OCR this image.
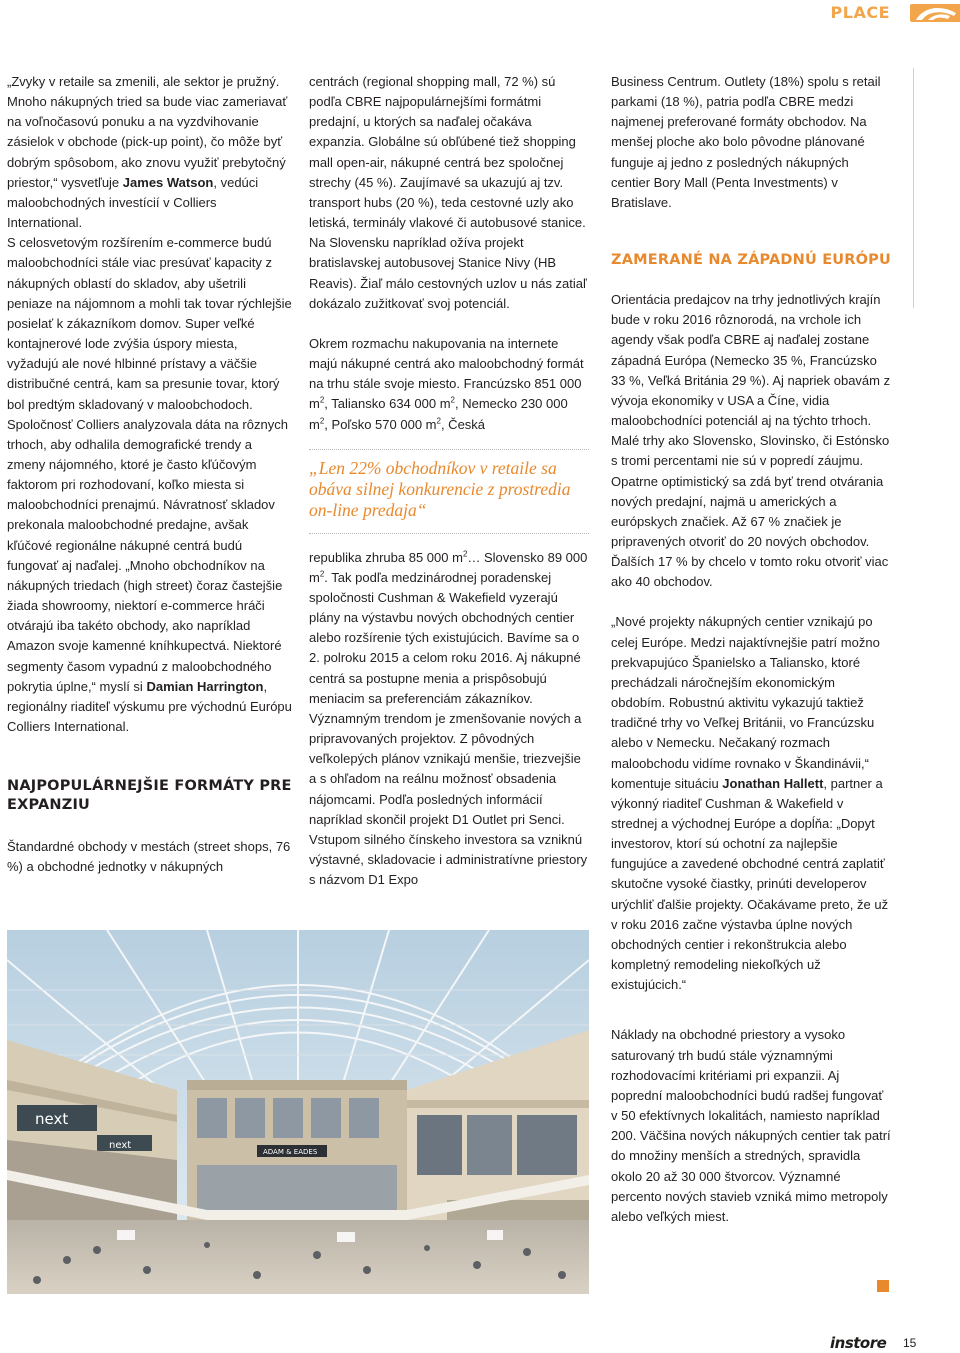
PLACE

„Zvyky v retaile sa zmenili, ale sektor je pružný. Mnoho nákupných tried sa bude viac zameriavať na voľnočasovú ponuku a na vyzdvihovanie zásielok v obchode (pick-up point), čo môže byť dobrým spôsobom, ako znovu využiť prebytočný priestor,“ vysvetľuje James Watson, vedúci maloobchodných investícií v Colliers International.

S celosvetovým rozšírením e-commerce budú maloobchodníci stále viac presúvať kapacity z nákupných oblastí do skladov, aby ušetrili peniaze na nájomnom a mohli tak tovar rýchlejšie posielať k zákazníkom domov. Super veľké kontajnerové lode zvýšia úspory miesta, vyžadujú ale nové hlbinné prístavy a väčšie distribučné centrá, kam sa presunie tovar, ktorý bol predtým skladovaný v maloobchodoch. Spoločnosť Colliers analyzovala dáta na rôznych trhoch, aby odhalila demografické trendy a zmeny nájomného, ktoré je často kľúčovým faktorom pri rozhodovaní, koľko miesta si maloobchodníci prenajmú. Návratnosť skladov prekonala maloobchodné predajne, avšak kľúčové regionálne nákupné centrá budú fungovať aj naďalej. „Mnoho obchodníkov na nákupných triedach (high street) čoraz častejšie žiada showroomy, niektorí e-commerce hráči otvárajú iba takéto obchody, ako napríklad Amazon svoje kamenné kníhkupectvá. Niektoré segmenty časom vypadnú z maloobchodného pokrytia úplne,“ myslí si Damian Harrington, regionálny riaditeľ výskumu pre východnú Európu Colliers International.

NAJPOPULÁRNEJŠIE FORMÁTY PRE EXPANZIU

Štandardné obchody v mestách (street shops, 76 %) a obchodné jednotky v nákupných

centrách (regional shopping mall, 72 %) sú podľa CBRE najpopulárnejšími formátmi predajní, u ktorých sa naďalej očakáva expanzia. Globálne sú obľúbené tiež shopping mall open-air, nákupné centrá bez spoločnej strechy (45 %). Zaujímavé sa ukazujú aj tzv. transport hubs (20 %), teda cestovné uzly ako letiská, terminály vlakové či autobusové stanice. Na Slovensku napríklad ožíva projekt bratislavskej autobusovej Stanice Nivy (HB Reavis). Žiaľ málo cestovných uzlov u nás zatiaľ dokázalo zužitkovať svoj potenciál.

Okrem rozmachu nakupovania na internete majú nákupné centrá ako maloobchodný formát na trhu stále svoje miesto. Francúzsko 851 000 $m^2$, Taliansko 634 000 $m^2$, Nemecko 230 000 $m^2$, Poľsko 570 000 $m^2$, Česká

„Len 22% obchodníkov v retaile sa obáva silnej konkurencie z prostredia on-line predaja“

republika zhruba 85 000 $m^2\dots$ Slovensko 89 000 $m^2$. Tak podľa medzinárodnej poradenskej spoločnosti Cushman & Wakefield vyzerajú plány na výstavbu nových obchodných centier alebo rozšírenie tých existujúcich. Bavíme sa o 2. polroku 2015 a celom roku 2016. Aj nákupné centrá sa postupne menia a prispôsobujú meniacim sa preferenciám zákazníkov. Významným trendom je zmenšovanie nových a pripravovaných projektov. Z pôvodných veľkolepých plánov vznikajú menšie, triezvejšie a s ohľadom na reálnu možnosť obsadenia nájomcami. Podľa posledných informácií napríklad skončil projekt D1 Outlet pri Senci. Vstupom silného čínskeho investora sa vzniknú výstavné, skladovacie i administratívne priestory s názvom D1 Expo

Business Centrum. Outlety (18%) spolu s retail parkami (18 %), patria podľa CBRE medzi najmenej preferované formáty obchodov. Na menšej ploche ako bolo pôvodne plánované funguje aj jedno z posledných nákupných centier Bory Mall (Penta Investments) v Bratislave.

ZAMERANÉ NA ZÁPADNÚ EURÓPU

Orientácia predajcov na trhy jednotlivých krajín bude v roku 2016 rôznorodá, na vrchole ich agendy však podľa CBRE aj naďalej zostane západná Európa (Nemecko 35 %, Francúzsko 33 %, Veľká Británia 29 %). Aj napriek obavám z vývoja ekonomiky v USA a Číne, vidia maloobchodníci potenciál aj na týchto trhoch. Malé trhy ako Slovensko, Slovinsko, či Estónsko s tromi percentami nie sú v popredí záujmu. Opatrne optimistický sa zdá byť trend otvárania nových predajní, najmä u amerických a európskych značiek. Až 67 % značiek je pripravených otvoriť do 20 nových obchodov. Ďalších 17 % by chcelo v tomto roku otvoriť viac ako 40 obchodov.

„Nové projekty nákupných centier vznikajú po celej Európe. Medzi najaktívnejšie patrí možno prekvapujúco Španielsko a Taliansko, ktoré prechádzali náročnejším ekonomickým obdobím. Robustnú aktivitu vykazujú taktiež tradičné trhy vo Veľkej Británii, vo Francúzsku alebo v Nemecku. Nečakaný rozmach maloobchodu vidíme rovnako v Škandinávii,“ komentuje situáciu Jonathan Hallett, partner a výkonný riaditeľ Cushman & Wakefield v strednej a východnej Európe a dopĺňa: „Dopyt investorov, ktorí sú ochotní za najlepšie fungujúce a zavedené obchodné centrá zaplatiť skutočne vysoké čiastky, prinúti developerov urýchliť ďalšie projekty. Očakávame preto, že už v roku 2016 začne výstavba úplne nových obchodných centier i rekonštrukcia alebo kompletný remodeling niekoľkých už existujúcich.“

Náklady na obchodné priestory a vysoko saturovaný trh budú stále významnými rozhodovacími kritériami pri expanzii. Aj poprední maloobchodníci budú radšej fungovať v 50 efektívnych lokalitách, namiesto napríklad 200. Väčšina nových nákupných centier tak patrí do množiny menších a stredných, spravidla okolo 20 až 30 000 štvorcov. Významné percento nových stavieb vzniká mimo metropoly alebo veľkých miest.

next
next
ADAM & EADES
instore 15
